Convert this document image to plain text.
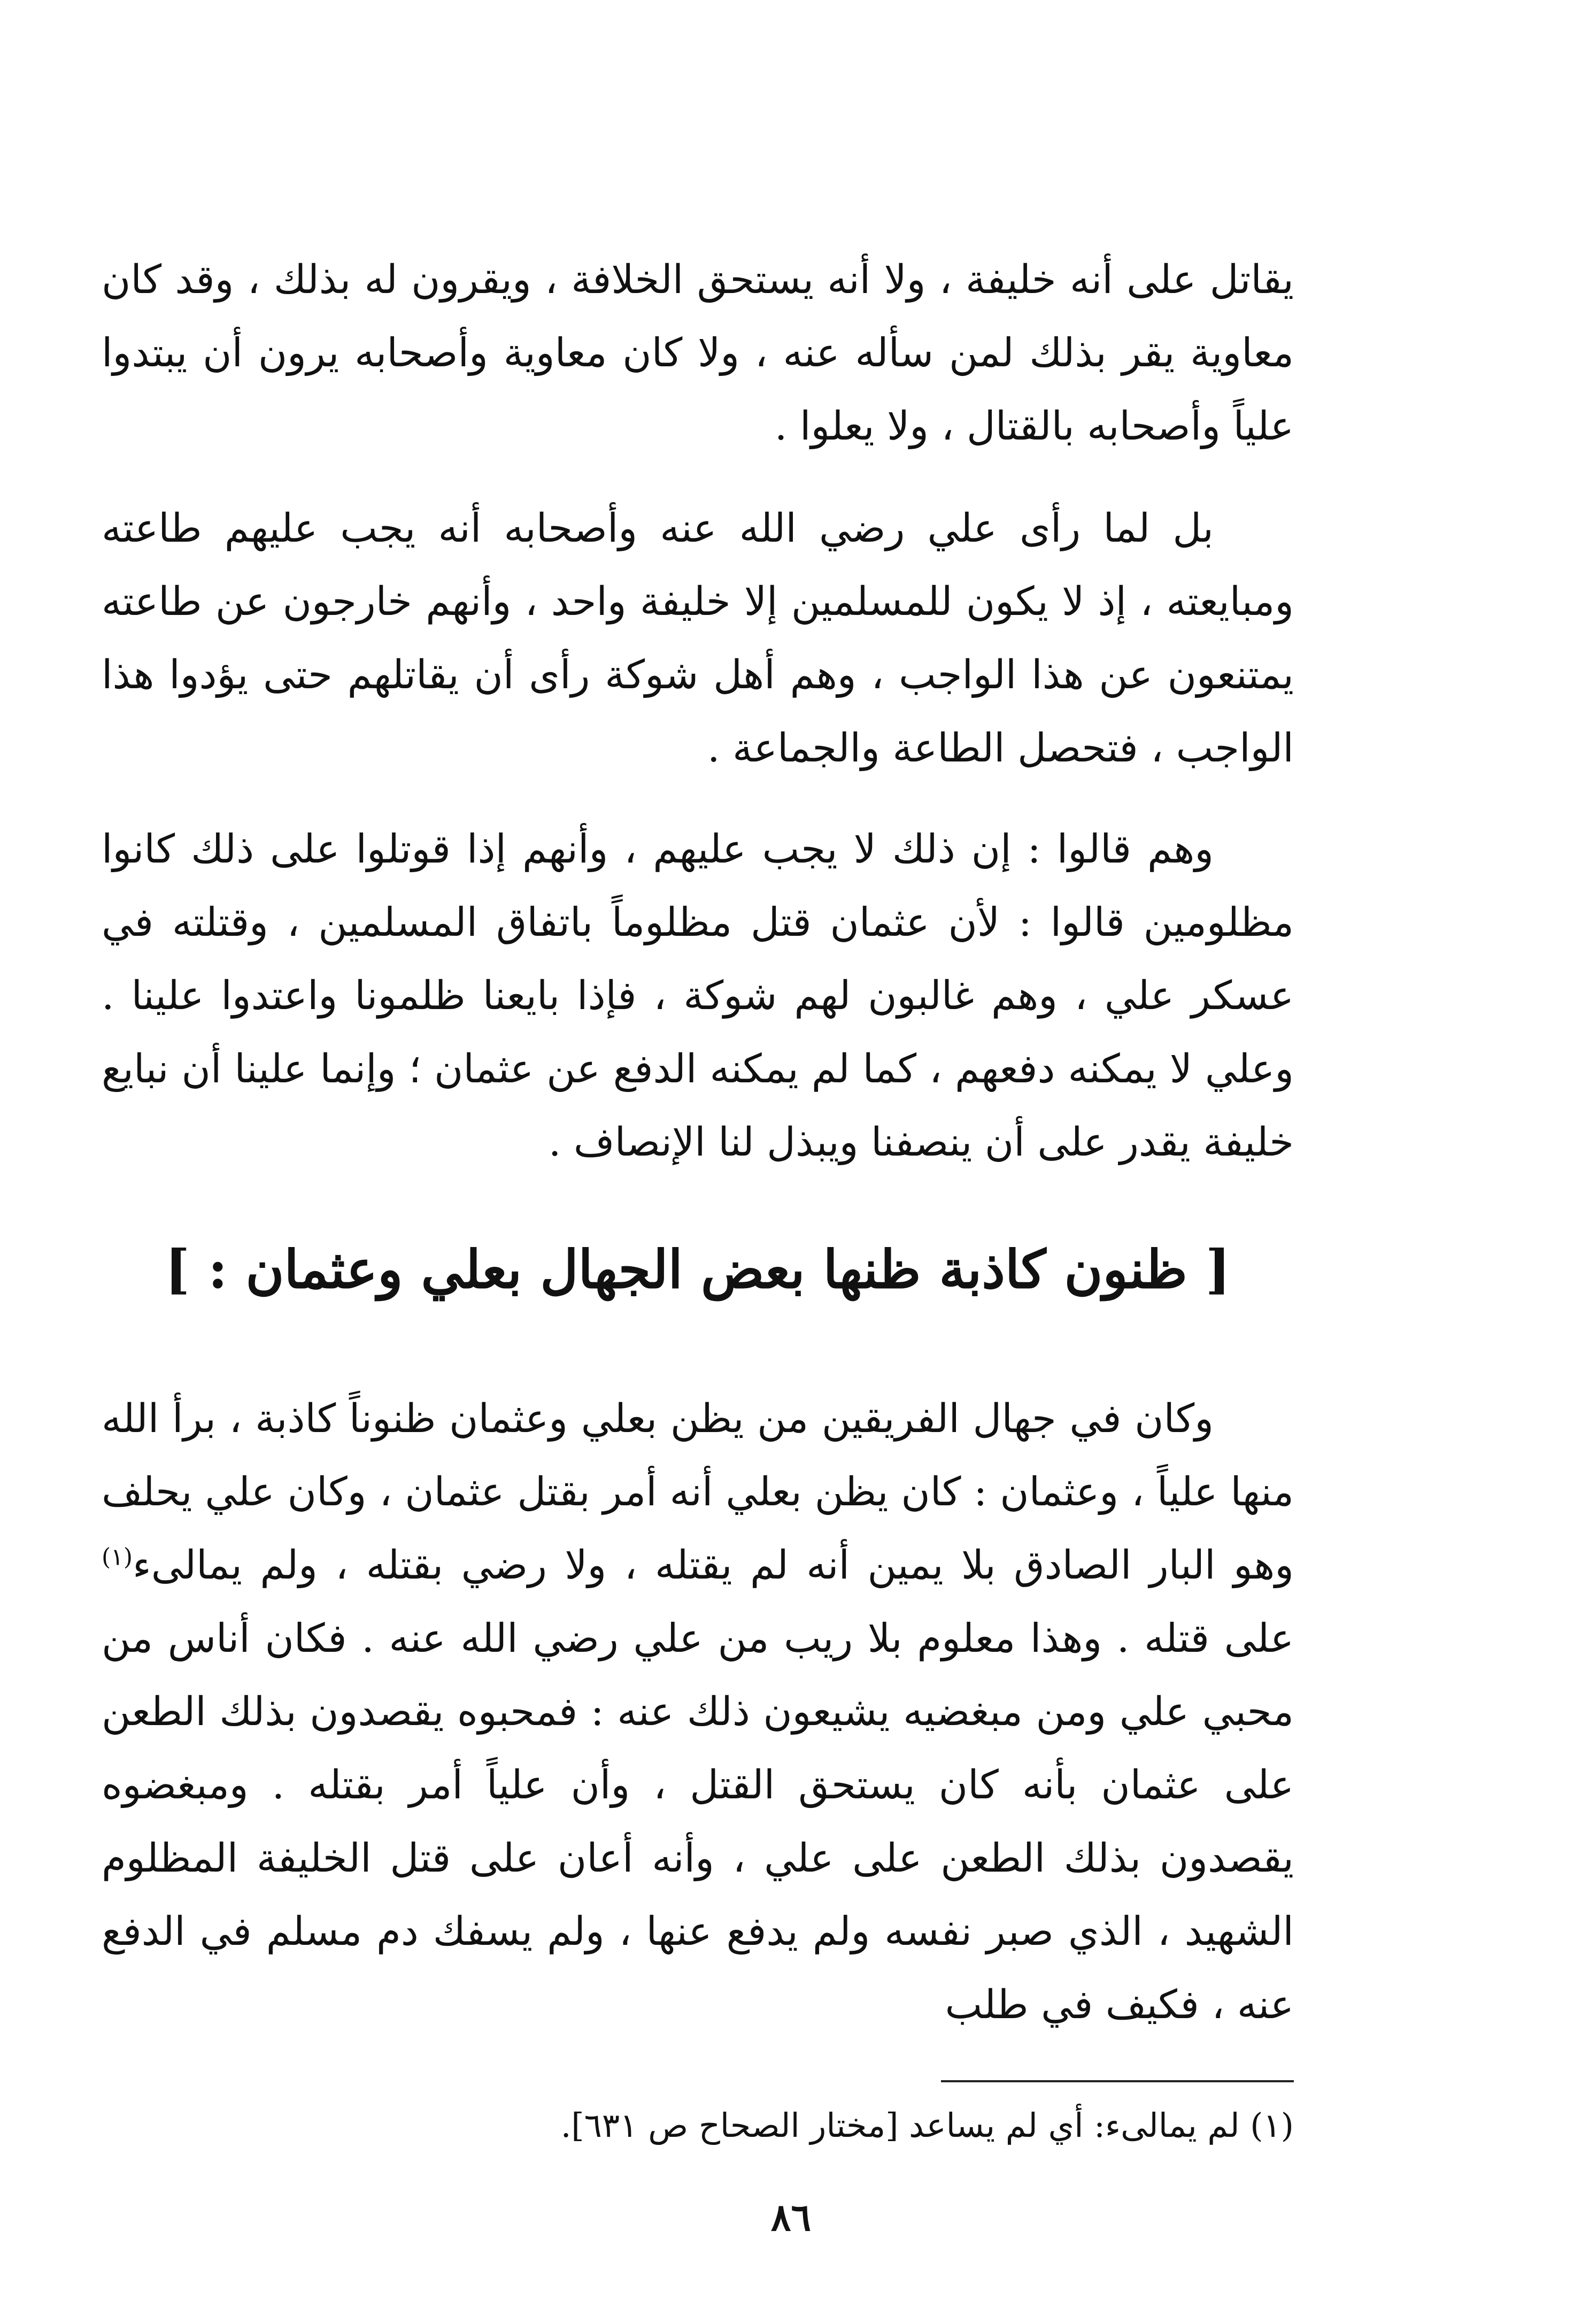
يقاتل على أنه خليفة ، ولا أنه يستحق الخلافة ، ويقرون له بذلك ، وقد كان معاوية يقر بذلك لمن سأله عنه ، ولا كان معاوية وأصحابه يرون أن يبتدوا علياً وأصحابه بالقتال ، ولا يعلوا .

بل لما رأى علي رضي الله عنه وأصحابه أنه يجب عليهم طاعته ومبايعته ، إذ لا يكون للمسلمين إلا خليفة واحد ، وأنهم خارجون عن طاعته يمتنعون عن هذا الواجب ، وهم أهل شوكة رأى أن يقاتلهم حتى يؤدوا هذا الواجب ، فتحصل الطاعة والجماعة .

وهم قالوا : إن ذلك لا يجب عليهم ، وأنهم إذا قوتلوا على ذلك كانوا مظلومين قالوا : لأن عثمان قتل مظلوماً باتفاق المسلمين ، وقتلته في عسكر علي ، وهم غالبون لهم شوكة ، فإذا بايعنا ظلمونا واعتدوا علينا . وعلي لا يمكنه دفعهم ، كما لم يمكنه الدفع عن عثمان ؛ وإنما علينا أن نبايع خليفة يقدر على أن ينصفنا ويبذل لنا الإنصاف .

[ ظنون كاذبة ظنها بعض الجهال بعلي وعثمان : ]

وكان في جهال الفريقين من يظن بعلي وعثمان ظنوناً كاذبة ، برأ الله منها علياً ، وعثمان : كان يظن بعلي أنه أمر بقتل عثمان ، وكان علي يحلف وهو البار الصادق بلا يمين أنه لم يقتله ، ولا رضي بقتله ، ولم يمالىء$^{(١)}$ على قتله . وهذا معلوم بلا ريب من علي رضي الله عنه . فكان أناس من محبي علي ومن مبغضيه يشيعون ذلك عنه : فمحبوه يقصدون بذلك الطعن على عثمان بأنه كان يستحق القتل ، وأن علياً أمر بقتله . ومبغضوه يقصدون بذلك الطعن على علي ، وأنه أعان على قتل الخليفة المظلوم الشهيد ، الذي صبر نفسه ولم يدفع عنها ، ولم يسفك دم مسلم في الدفع عنه ، فكيف في طلب

(١) لم يمالىء: أي لم يساعد [مختار الصحاح ص ٦٣١].
٨٦
